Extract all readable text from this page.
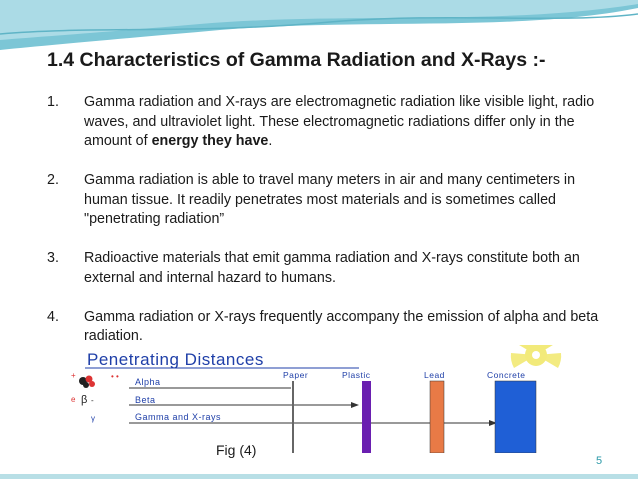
1.4 Characteristics of Gamma Radiation and X-Rays :-
1. Gamma radiation and X-rays are electromagnetic radiation like visible light, radio waves, and ultraviolet light. These electromagnetic radiations differ only in the amount of energy they have.
2. Gamma radiation is able to travel many meters in air and many centimeters in human tissue. It readily penetrates most materials and is sometimes called "penetrating radiation”
3. Radioactive materials that emit gamma radiation and X-rays constitute both an external and internal hazard to humans.
4. Gamma radiation or X-rays frequently accompany the emission of alpha and beta radiation.
Penetrating Distances
+	• •
e β -
γ
Alpha
Beta
Gamma and X-rays
Paper	Plastic	Lead	Concrete
Fig (4)
5
